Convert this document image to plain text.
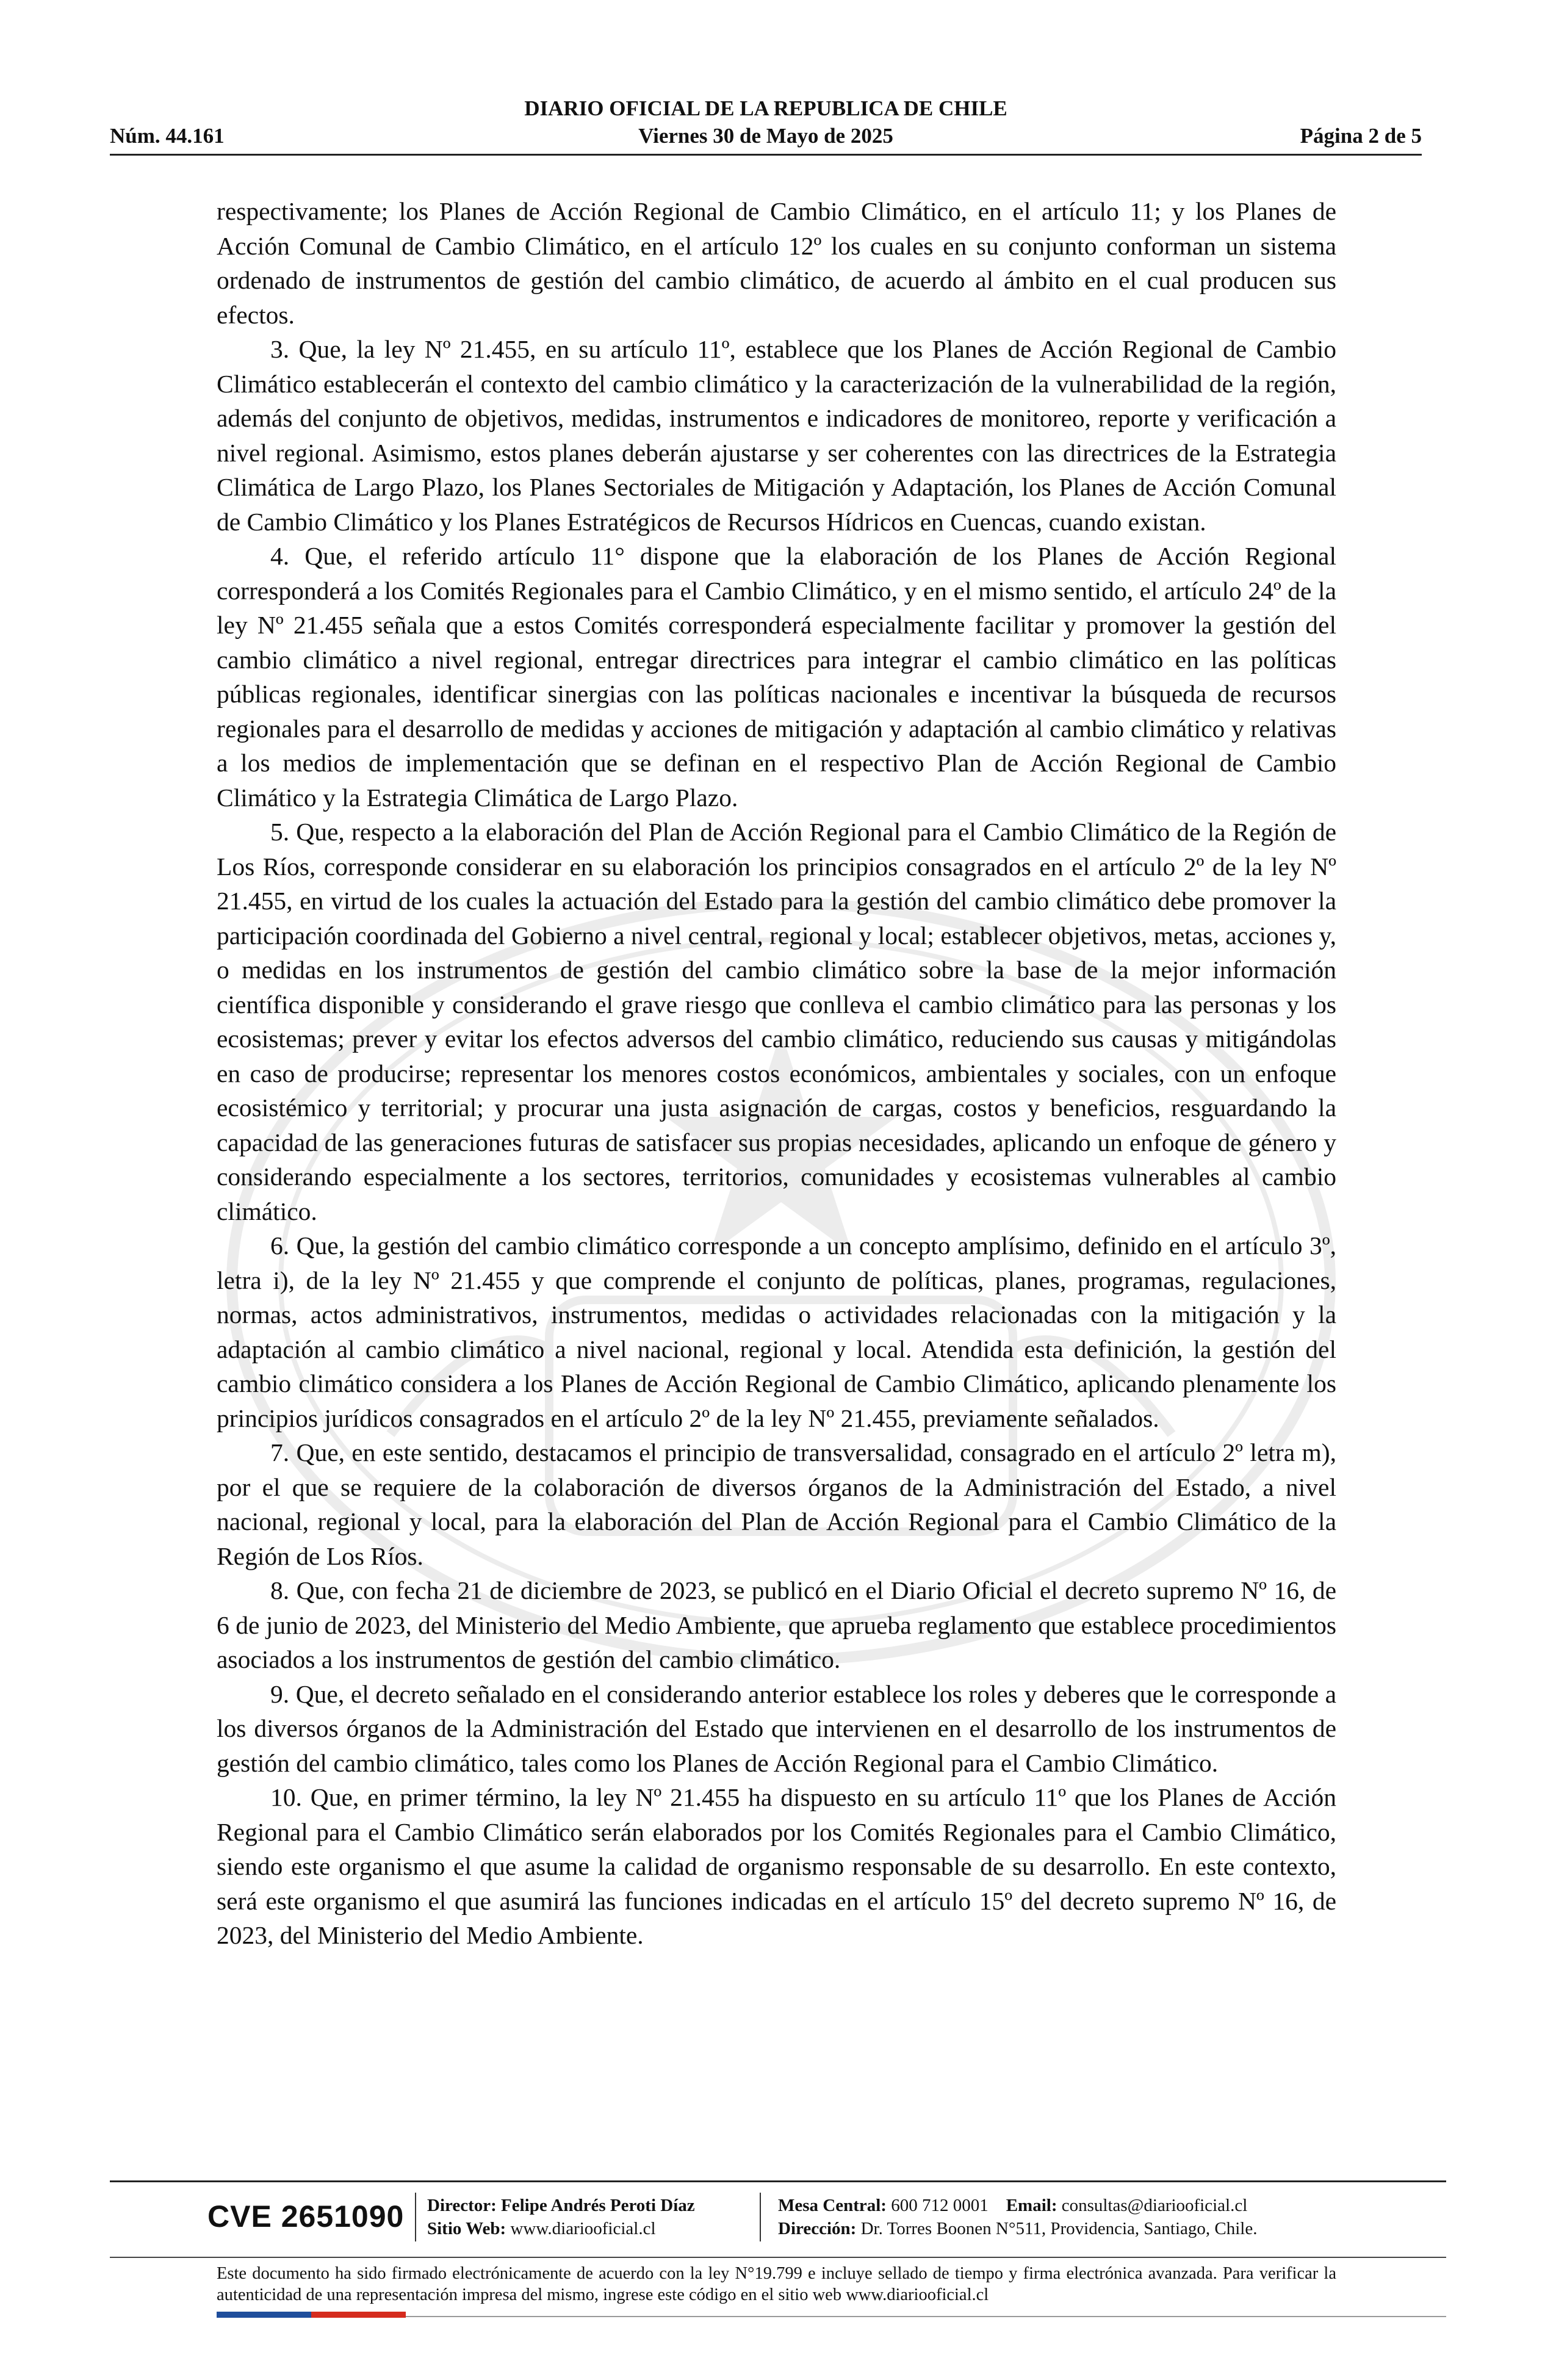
DIARIO OFICIAL DE LA REPUBLICA DE CHILE
Viernes 30 de Mayo de 2025
Núm. 44.161	Página 2 de 5

respectivamente; los Planes de Acción Regional de Cambio Climático, en el artículo 11; y los Planes de Acción Comunal de Cambio Climático, en el artículo 12º los cuales en su conjunto conforman un sistema ordenado de instrumentos de gestión del cambio climático, de acuerdo al ámbito en el cual producen sus efectos.

3. Que, la ley Nº 21.455, en su artículo 11º, establece que los Planes de Acción Regional de Cambio Climático establecerán el contexto del cambio climático y la caracterización de la vulnerabilidad de la región, además del conjunto de objetivos, medidas, instrumentos e indicadores de monitoreo, reporte y verificación a nivel regional. Asimismo, estos planes deberán ajustarse y ser coherentes con las directrices de la Estrategia Climática de Largo Plazo, los Planes Sectoriales de Mitigación y Adaptación, los Planes de Acción Comunal de Cambio Climático y los Planes Estratégicos de Recursos Hídricos en Cuencas, cuando existan.

4. Que, el referido artículo 11° dispone que la elaboración de los Planes de Acción Regional corresponderá a los Comités Regionales para el Cambio Climático, y en el mismo sentido, el artículo 24º de la ley Nº 21.455 señala que a estos Comités corresponderá especialmente facilitar y promover la gestión del cambio climático a nivel regional, entregar directrices para integrar el cambio climático en las políticas públicas regionales, identificar sinergias con las políticas nacionales e incentivar la búsqueda de recursos regionales para el desarrollo de medidas y acciones de mitigación y adaptación al cambio climático y relativas a los medios de implementación que se definan en el respectivo Plan de Acción Regional de Cambio Climático y la Estrategia Climática de Largo Plazo.

5. Que, respecto a la elaboración del Plan de Acción Regional para el Cambio Climático de la Región de Los Ríos, corresponde considerar en su elaboración los principios consagrados en el artículo 2º de la ley Nº 21.455, en virtud de los cuales la actuación del Estado para la gestión del cambio climático debe promover la participación coordinada del Gobierno a nivel central, regional y local; establecer objetivos, metas, acciones y, o medidas en los instrumentos de gestión del cambio climático sobre la base de la mejor información científica disponible y considerando el grave riesgo que conlleva el cambio climático para las personas y los ecosistemas; prever y evitar los efectos adversos del cambio climático, reduciendo sus causas y mitigándolas en caso de producirse; representar los menores costos económicos, ambientales y sociales, con un enfoque ecosistémico y territorial; y procurar una justa asignación de cargas, costos y beneficios, resguardando la capacidad de las generaciones futuras de satisfacer sus propias necesidades, aplicando un enfoque de género y considerando especialmente a los sectores, territorios, comunidades y ecosistemas vulnerables al cambio climático.

6. Que, la gestión del cambio climático corresponde a un concepto amplísimo, definido en el artículo 3º, letra i), de la ley Nº 21.455 y que comprende el conjunto de políticas, planes, programas, regulaciones, normas, actos administrativos, instrumentos, medidas o actividades relacionadas con la mitigación y la adaptación al cambio climático a nivel nacional, regional y local. Atendida esta definición, la gestión del cambio climático considera a los Planes de Acción Regional de Cambio Climático, aplicando plenamente los principios jurídicos consagrados en el artículo 2º de la ley Nº 21.455, previamente señalados.

7. Que, en este sentido, destacamos el principio de transversalidad, consagrado en el artículo 2º letra m), por el que se requiere de la colaboración de diversos órganos de la Administración del Estado, a nivel nacional, regional y local, para la elaboración del Plan de Acción Regional para el Cambio Climático de la Región de Los Ríos.

8. Que, con fecha 21 de diciembre de 2023, se publicó en el Diario Oficial el decreto supremo Nº 16, de 6 de junio de 2023, del Ministerio del Medio Ambiente, que aprueba reglamento que establece procedimientos asociados a los instrumentos de gestión del cambio climático.

9. Que, el decreto señalado en el considerando anterior establece los roles y deberes que le corresponde a los diversos órganos de la Administración del Estado que intervienen en el desarrollo de los instrumentos de gestión del cambio climático, tales como los Planes de Acción Regional para el Cambio Climático.

10. Que, en primer término, la ley Nº 21.455 ha dispuesto en su artículo 11º que los Planes de Acción Regional para el Cambio Climático serán elaborados por los Comités Regionales para el Cambio Climático, siendo este organismo el que asume la calidad de organismo responsable de su desarrollo. En este contexto, será este organismo el que asumirá las funciones indicadas en el artículo 15º del decreto supremo Nº 16, de 2023, del Ministerio del Medio Ambiente.

CVE 2651090 Director: Felipe Andrés Peroti Díaz
Sitio Web: www.diariooficial.cl
Mesa Central: 600 712 0001 Email: consultas@diariooficial.cl
Dirección: Dr. Torres Boonen N°511, Providencia, Santiago, Chile.
Este documento ha sido firmado electrónicamente de acuerdo con la ley N°19.799 e incluye sellado de tiempo y firma electrónica avanzada. Para verificar la autenticidad de una representación impresa del mismo, ingrese este código en el sitio web www.diariooficial.cl
